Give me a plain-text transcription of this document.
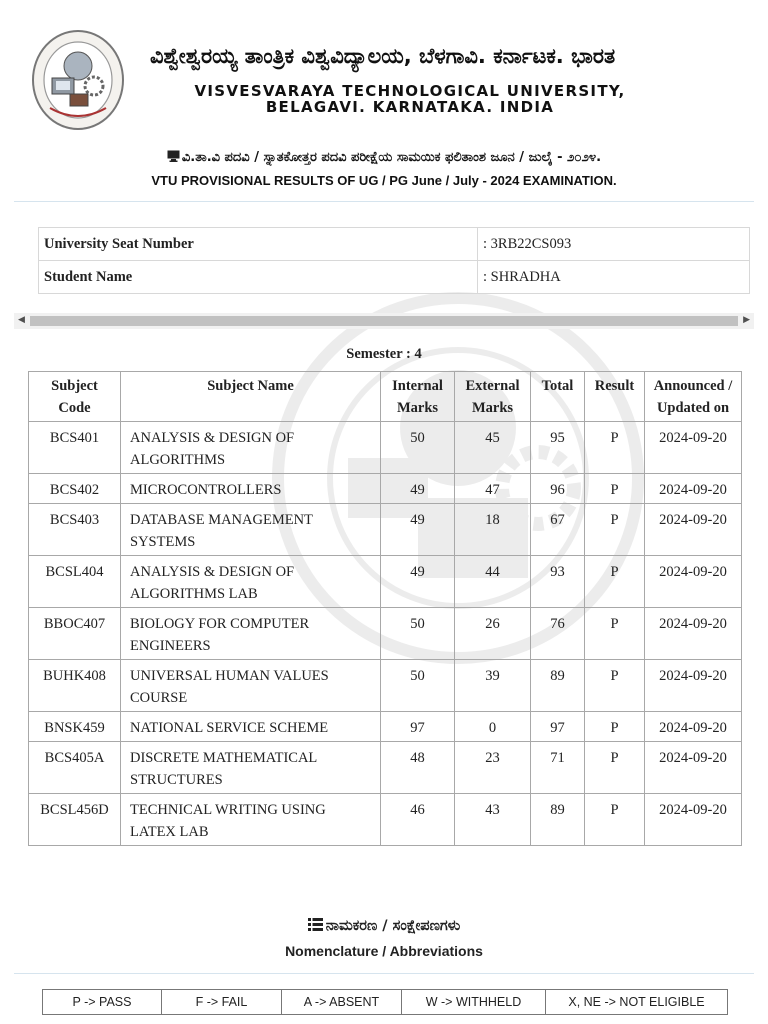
ವಿಶ್ವೇಶ್ವರಯ್ಯ ತಾಂತ್ರಿಕ ವಿಶ್ವವಿದ್ಯಾಲಯ, ಬೆಳಗಾವಿ. ಕರ್ನಾಟಕ. ಭಾರತ
VISVESVARAYA TECHNOLOGICAL UNIVERSITY,
BELAGAVI. KARNATAKA. INDIA
ವಿ.ತಾ.ವಿ ಪದವಿ / ಸ್ನಾತಕೋತ್ತರ ಪದವಿ ಪರೀಕ್ಷೆಯ ಸಾಮಯಿಕ ಫಲಿತಾಂಶ ಜೂನ / ಜುಲೈ - ೨೦೨೪.
VTU PROVISIONAL RESULTS OF UG / PG June / July - 2024 EXAMINATION.
University Seat Number	: 3RB22CS093
Student Name	: SHRADHA
◀	▶
Semester : 4
Subject Code	Subject Name	Internal Marks	External Marks	Total	Result	Announced / Updated on
BCS401	ANALYSIS & DESIGN OF ALGORITHMS	50	45	95	P	2024-09-20
BCS402	MICROCONTROLLERS	49	47	96	P	2024-09-20
BCS403	DATABASE MANAGEMENT SYSTEMS	49	18	67	P	2024-09-20
BCSL404	ANALYSIS & DESIGN OF ALGORITHMS LAB	49	44	93	P	2024-09-20
BBOC407	BIOLOGY FOR COMPUTER ENGINEERS	50	26	76	P	2024-09-20
BUHK408	UNIVERSAL HUMAN VALUES COURSE	50	39	89	P	2024-09-20
BNSK459	NATIONAL SERVICE SCHEME	97	0	97	P	2024-09-20
BCS405A	DISCRETE MATHEMATICAL STRUCTURES	48	23	71	P	2024-09-20
BCSL456D	TECHNICAL WRITING USING LATEX LAB	46	43	89	P	2024-09-20
ನಾಮಕರಣ / ಸಂಕ್ಷೇಪಣಗಳು
Nomenclature / Abbreviations
P -> PASS	F -> FAIL	A -> ABSENT	W -> WITHHELD	X, NE -> NOT ELIGIBLE
